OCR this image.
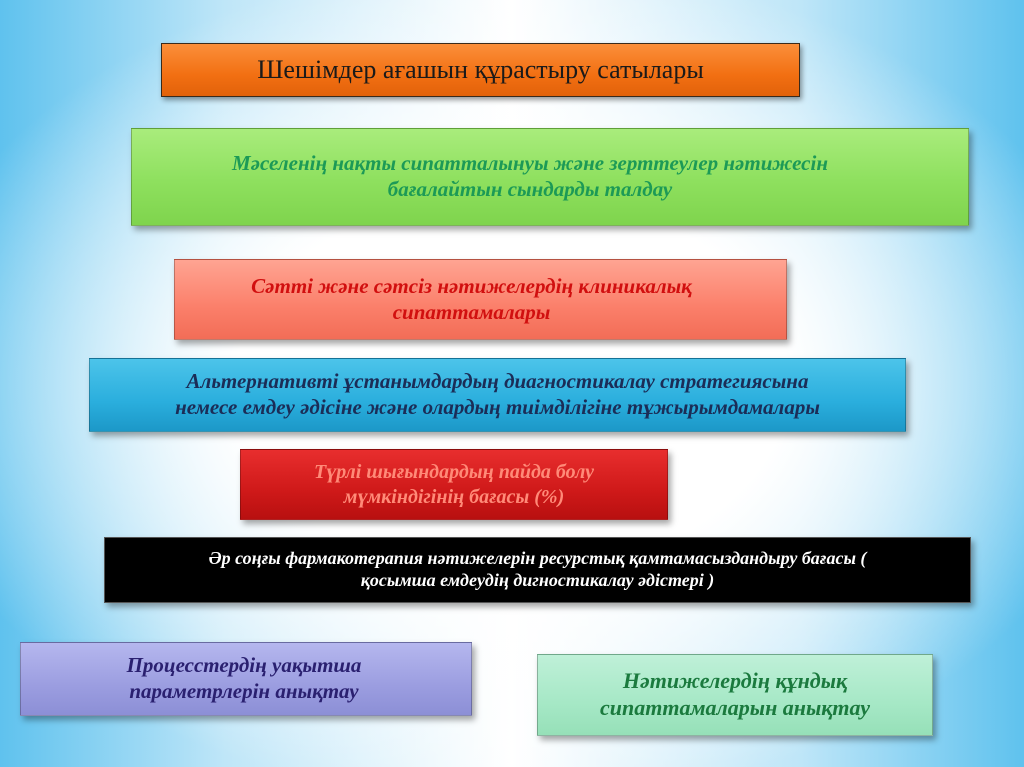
Шешімдер ағашын құрастыру сатылары
Мәселенің нақты сипатталынуы және зерттеулер нәтижесін
бағалайтын сындарды талдау
Сәтті және сәтсіз нәтижелердің клиникалық
сипаттамалары
Альтернативті ұстанымдардың диагностикалау стратегиясына
немесе емдеу әдісіне және олардың тиімділігіне тұжырымдамалары
Түрлі шығындардың пайда болу
мүмкіндігінің бағасы (%)
Әр соңғы фармакотерапия нәтижелерін ресурстық қамтамасыздандыру бағасы (
қосымша емдеудің дигностикалау әдістері )
Процесстердің уақытша
параметрлерін анықтау	Нәтижелердің құндық
сипаттамаларын анықтау
